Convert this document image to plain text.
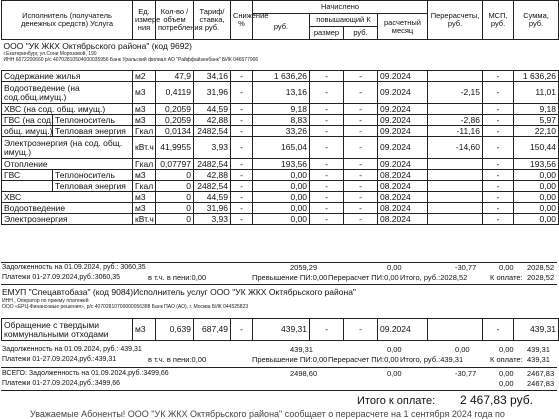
Исполнитель (получатель денежных средств) Услуга		Ед. измере ния	Кол-во / объем потребления	Тариф/ ставка, руб.	Снижение %	Начислено				Перерасчеты, руб.	МСП, руб.	Сумма, руб.
						руб.	повышающий К		расчетный месяц			
							размер	руб.				

ООО "УК ЖКХ Октябрьского района" (код 9692)
г.Екатеринбург, ул.Сони Морозовой, 190
ИНН 6672200660 р/с 40702810504000035956 Банк Уральский филиал АО "Райффайзенбанк" БИК 046577906												

Содержание жилья		м2	47,9	34,16	-	1 636,26	-	-	09.2024		-	1 636,26
Водоотведение (на сод.общ.имущ.)		м3	0,4119	31,96	-	13,16	-	-	09.2024	-2,15	-	11,01
ХВС (на сод. общ. имущ.)		м3	0,2059	44,59	-	9,18	-	-	09.2024		-	9,18
ГВС (на сод.	Теплоноситель	м3	0,2059	42,88	-	8,83	-	-	09.2024	-2,86	-	5,97
общ. имущ.)	Тепловая энергия	Гкал	0,0134	2482,54	-	33,26	-	-	09.2024	-11,16	-	22,10
Электроэнергия (на сод. общ. имущ.)		кВт.ч	41,9955	3,93	-	165,04	-	-	09.2024	-14,60	-	150,44
Отопление		Гкал	0,07797	2482,54	-	193,56	-	-	09.2024		-	193,56
ГВС	Теплоноситель	м3	0	42,88	-	0,00	-	-	08.2024		-	0,00
	Тепловая энергия	Гкал	0	2482,54	-	0,00	-	-	08.2024		-	0,00
ХВС		м3	0	44,59	-	0,00	-	-	08.2024		-	0,00
Водоотведение		м3	0	31,96	-	0,00	-	-	08.2024		-	0,00
Электроэнергия		кВт.ч	0	3,93	-	0,00	-	-	08.2024		-	0,00
Задолженность на 01.09.2024, руб.: 3060,35	2059,29	0,00	-30,77	0,00 2028,52
Платежи 01-27.09.2024,руб.:3060,35	в т.ч. в пени:0,00	Превышение ПИ:0,00 Перерасчет ПИ:0,00 Итого, руб.:2028,52	К оплате: 2028,52
ЕМУП "Спецавтобаза" (код 9084)Исполнитель услуг ООО "УК ЖКХ Октябрьского района"
ИНН , Оператор по приему платежей
ООО «ЕРЦ-Финансовые решения», р/с 40702810700000056388 Банк ПАО (АО), г. Москва БИК 044525823
Обращение с твердыми коммунальными отходами	м3	0,639	687,49	-	439,31	-	-	09.2024		-	439,31
Задолженность на 01.09.2024, руб.: 439,31	439,31	0,00	0,00	0,00 439,31
Платежи 01-27.09.2024,руб.:439,31	в т.ч. в пени:0,00	Превышение ПИ:0,00 Перерасчет ПИ:0,00 Итого, руб.:439,31	К оплате: 439,31
ВСЕГО: Задолженность на 01.09.2024,руб.:3499,66	2498,60	0,00	-30,77	0,00 2467,83
Платежи 01-27.09.2024,руб.:3499,66	0,00 2467,83
Итого к оплате: 2 467,83 руб.
Уважаемые Абоненты! ООО "УК ЖКХ Октябрьского района" сообщает о перерасчете на 1 сентября 2024 года по
